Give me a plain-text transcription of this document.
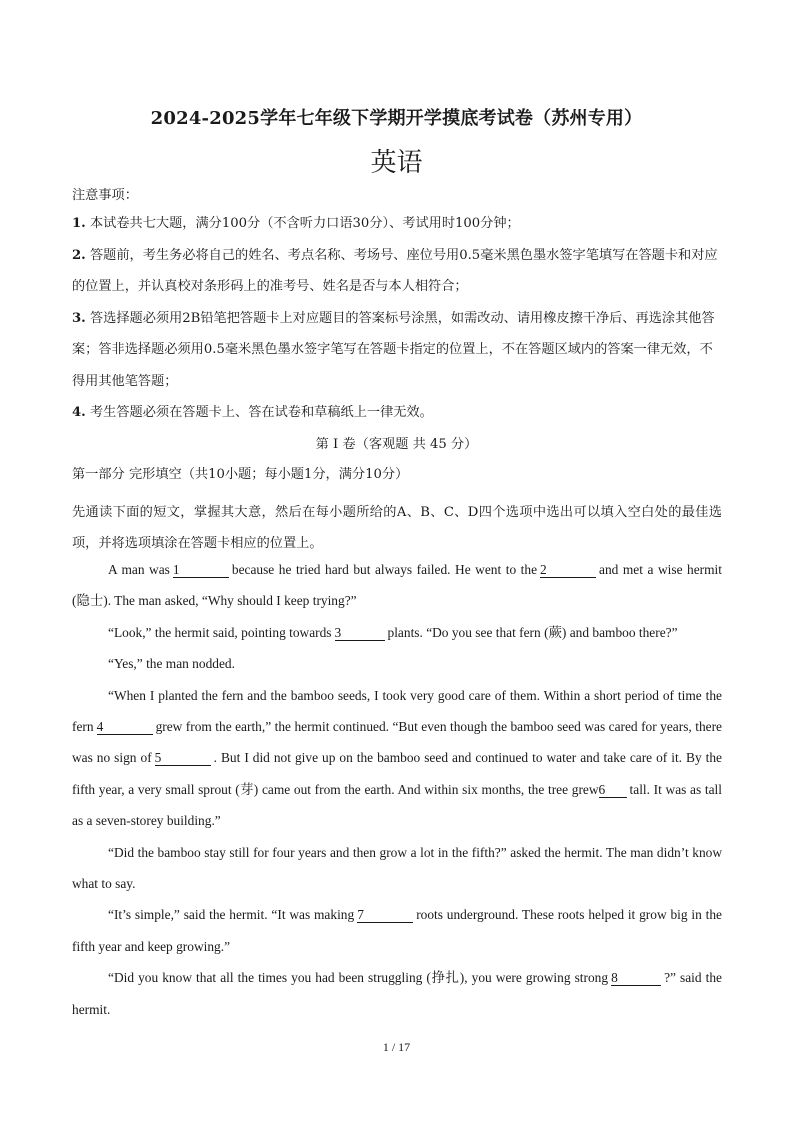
2024-2025学年七年级下学期开学摸底考试卷（苏州专用）
英语
注意事项：

1. 本试卷共七大题，满分100分（不含听力口语30分）、考试用时100分钟；

2. 答题前，考生务必将自己的姓名、考点名称、考场号、座位号用0.5毫米黑色墨水签字笔填写在答题卡和对应的位置上，并认真校对条形码上的准考号、姓名是否与本人相符合；

3. 答选择题必须用2B铅笔把答题卡上对应题目的答案标号涂黑，如需改动、请用橡皮擦干净后、再选涂其他答案；答非选择题必须用0.5毫米黑色墨水签字笔写在答题卡指定的位置上，不在答题区域内的答案一律无效，不得用其他笔答题；

4. 考生答题必须在答题卡上、答在试卷和草稿纸上一律无效。

第 I 卷（客观题 共 45 分）
第一部分 完形填空（共10小题；每小题1分，满分10分）

先通读下面的短文，掌握其大意，然后在每小题所给的A、B、C、D四个选项中选出可以填入空白处的最佳选项，并将选项填涂在答题卡相应的位置上。

A man was 1	because he tried hard but always failed. He went to the 2	and met a wise hermit (隐士). The man asked, “Why should I keep trying?”

“Look,” the hermit said, pointing towards 3	plants. “Do you see that fern (蕨) and bamboo there?”

“Yes,” the man nodded.

“When I planted the fern and the bamboo seeds, I took very good care of them. Within a short period of time the fern 4	grew from the earth,” the hermit continued. “But even though the bamboo seed was cared for years, there was no sign of 5	. But I did not give up on the bamboo seed and continued to water and take care of it. By the fifth year, a very small sprout (芽) came out from the earth. And within six months, the tree grew6 tall. It was as tall as a seven-storey building.”

“Did the bamboo stay still for four years and then grow a lot in the fifth?” asked the hermit. The man didn’t know what to say.

“It’s simple,” said the hermit. “It was making 7	roots underground. These roots helped it grow big in the fifth year and keep growing.”

“Did you know that all the times you had been struggling (挣扎), you were growing strong 8	?” said the hermit.

1 / 17
